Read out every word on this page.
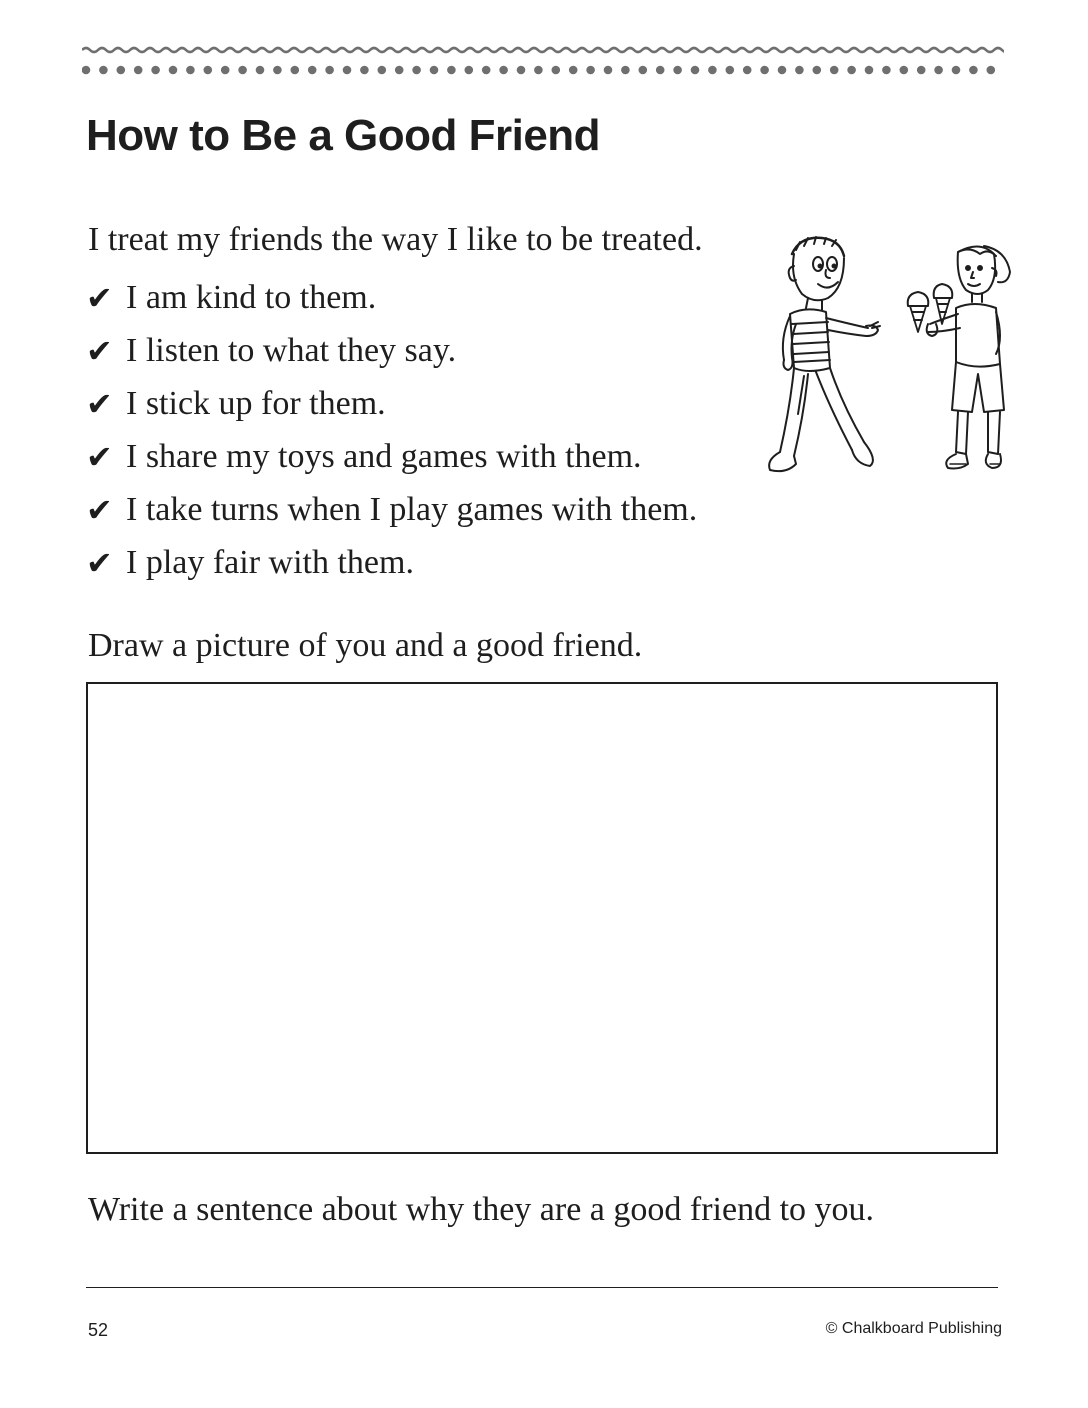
How to Be a Good Friend
I treat my friends the way I like to be treated.
✔ I am kind to them.
✔ I listen to what they say.
✔ I stick up for them.
✔ I share my toys and games with them.
✔ I take turns when I play games with them.
✔ I play fair with them.
Draw a picture of you and a good friend.
Write a sentence about why they are a good friend to you.
52	© Chalkboard Publishing
